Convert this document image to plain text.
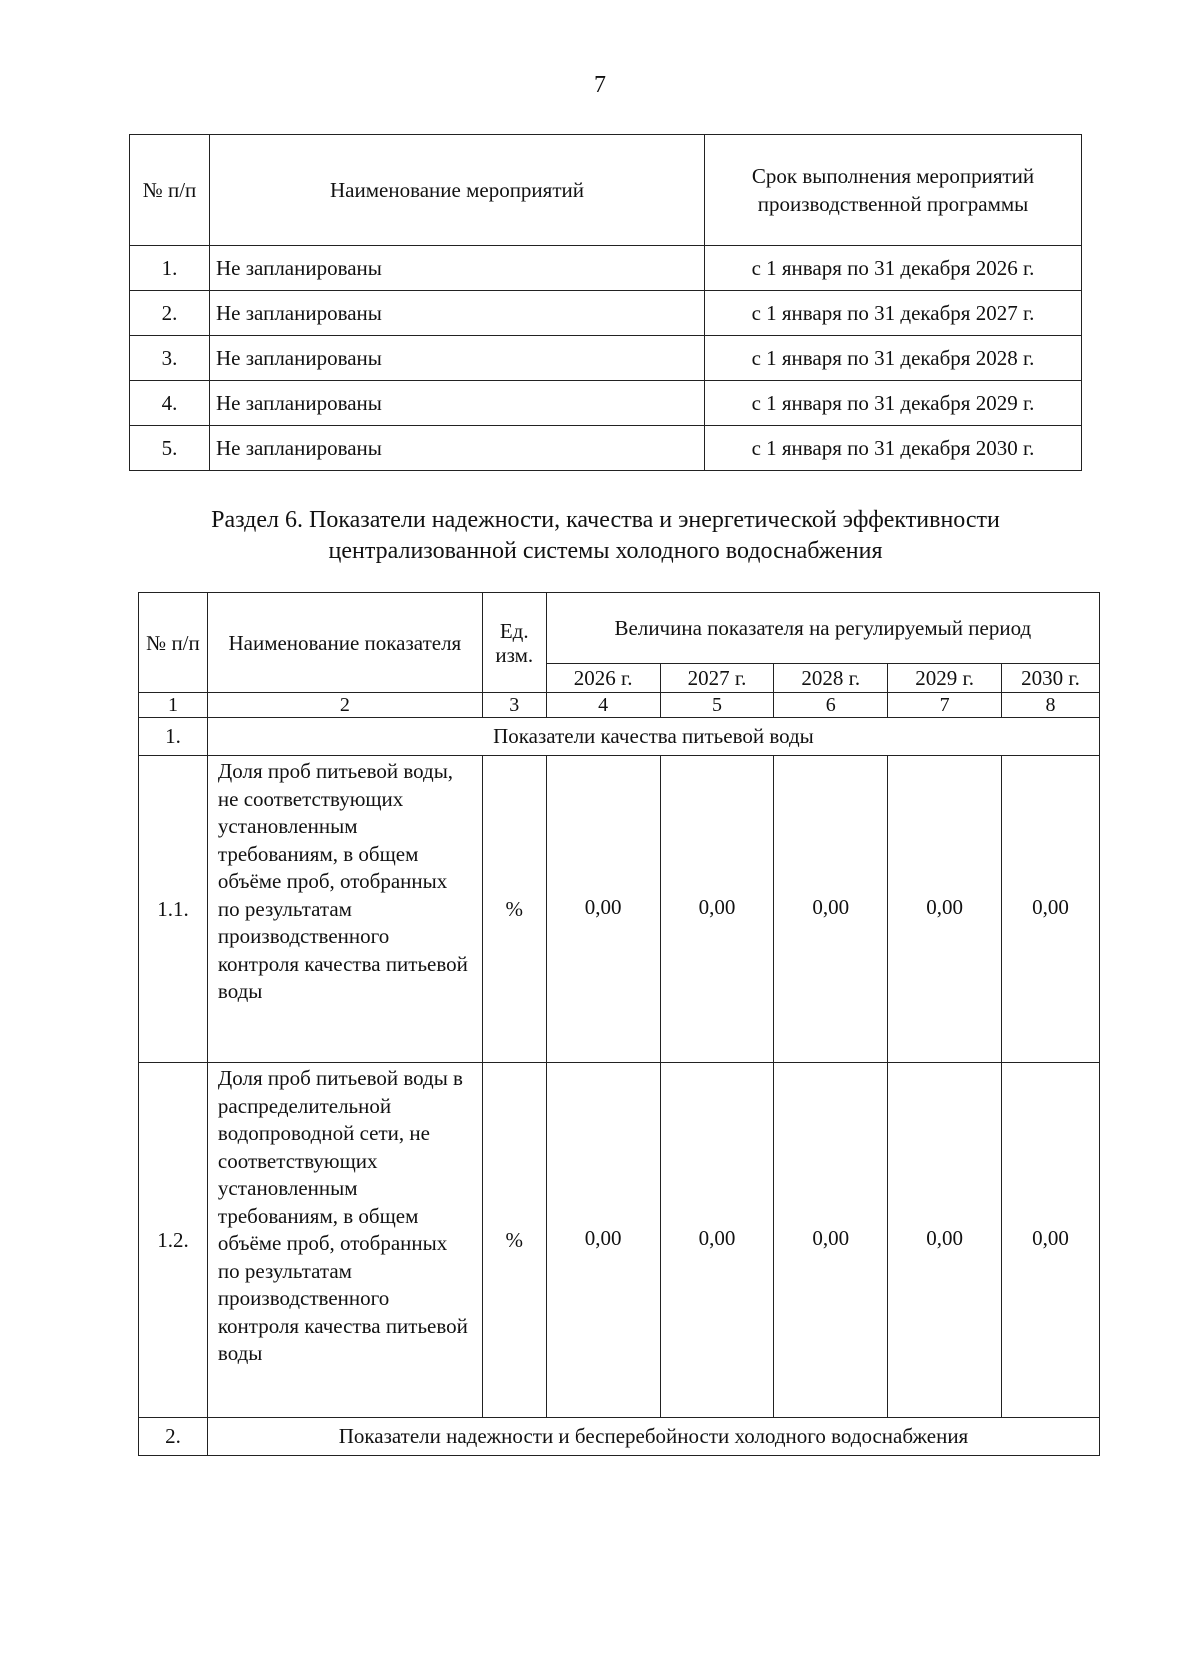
7
№ п/п	Наименование мероприятий	Срок выполнения мероприятий производственной программы
1.	Не запланированы	с 1 января по 31 декабря 2026 г.
2.	Не запланированы	с 1 января по 31 декабря 2027 г.
3.	Не запланированы	с 1 января по 31 декабря 2028 г.
4.	Не запланированы	с 1 января по 31 декабря 2029 г.
5.	Не запланированы	с 1 января по 31 декабря 2030 г.
Раздел 6. Показатели надежности, качества и энергетической эффективности централизованной системы холодного водоснабжения
№ п/п	Наименование показателя	Ед. изм.	Величина показателя на регулируемый период				
			2026 г.	2027 г.	2028 г.	2029 г.	2030 г.
1	2	3	4	5	6	7	8
1.	Показатели качества питьевой воды						
1.1.	Доля проб питьевой воды, не соответствующих установленным требованиям, в общем объёме проб, отобранных по результатам производственного контроля качества питьевой воды	%	0,00	0,00	0,00	0,00	0,00
1.2.	Доля проб питьевой воды в распределительной водопроводной сети, не соответствующих установленным требованиям, в общем объёме проб, отобранных по результатам производственного контроля качества питьевой воды	%	0,00	0,00	0,00	0,00	0,00
2.	Показатели надежности и бесперебойности холодного водоснабжения						
